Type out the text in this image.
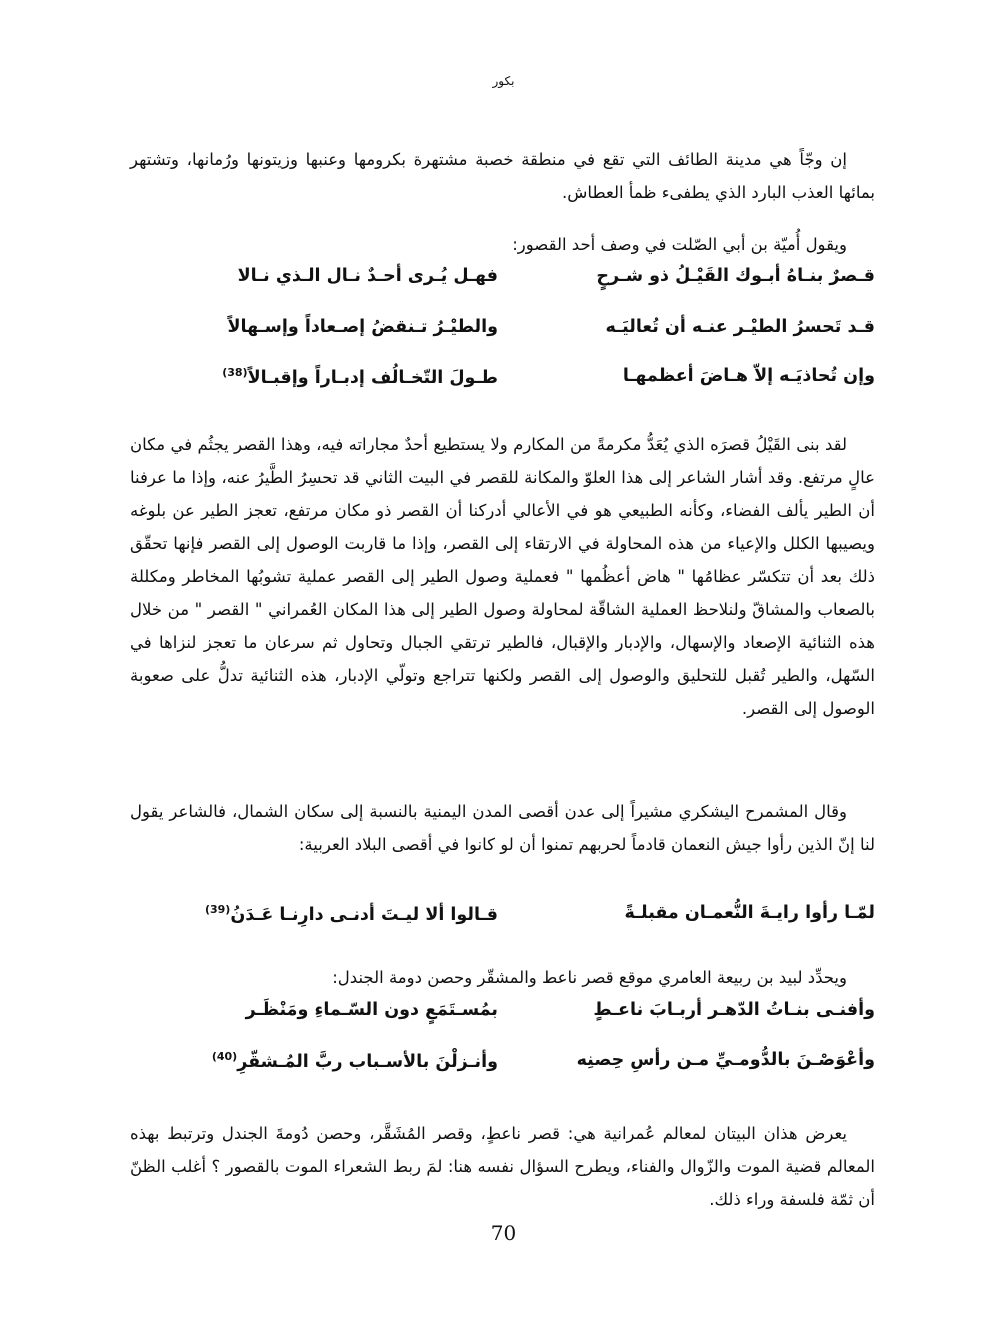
بكور
إن وجّاً هي مدينة الطائف التي تقع في منطقة خصبة مشتهرة بكرومها وعنبها وزيتونها ورُمانها، وتشتهر بمائها العذب البارد الذي يطفىء ظمأ العطاش.
ويقول أُميّة بن أبي الصّلت في وصف أحد القصور:
قـصرٌ بنـاهُ أبـوك القَيْـلُ ذو شـرحٍ
فهـل يُـرى أحـدٌ نـال الـذي نـالا
قـد تَحسرُ الطيْـر عنـه أن تُعاليَـه
والطيْـرُ تـنقضُ إصـعاداً وإسـهالاً
وإن تُحاذيَـه إلاّ هـاضَ أعظمهـا
طـولَ التّخـالُف إدبـاراً وإقبـالاً$^{(38)}$
لقد بنى القَيْلُ قصرَه الذي يُعَدُّ مكرمةً من المكارم ولا يستطيع أحدٌ مجاراته فيه، وهذا القصر يجثُم في مكان عالٍ مرتفع. وقد أشار الشاعر إلى هذا العلوّ والمكانة للقصر في البيت الثاني قد تحسِرُ الطَّيرُ عنه، وإذا ما عرفنا أن الطير يألف الفضاء، وكأنه الطبيعي هو في الأعالي أدركنا أن القصر ذو مكان مرتفع، تعجز الطير عن بلوغه ويصيبها الكلل والإعياء من هذه المحاولة في الارتقاء إلى القصر، وإذا ما قاربت الوصول إلى القصر فإنها تحقّق ذلك بعد أن تتكسّر عظامُها " هاض أعظُمها " فعملية وصول الطير إلى القصر عملية تشوبُها المخاطر ومكللة بالصعاب والمشاقّ ولنلاحظ العملية الشاقّة لمحاولة وصول الطير إلى هذا المكان العُمراني " القصر " من خلال هذه الثنائية الإصعاد والإسهال، والإدبار والإقبال، فالطير ترتقي الجبال وتحاول ثم سرعان ما تعجز لنزاها في السّهل، والطير تُقبل للتحليق والوصول إلى القصر ولكنها تتراجع وتولّي الإدبار، هذه الثنائية تدلُّ على صعوبة الوصول إلى القصر.
وقال المشمرح اليشكري مشيراً إلى عدن أقصى المدن اليمنية بالنسبة إلى سكان الشمال، فالشاعر يقول لنا إنّ الذين رأوا جيش النعمان قادماً لحربهم تمنوا أن لو كانوا في أقصى البلاد العربية:
لمّـا رأوا رايـةَ النُّعمـان مقبلـةً
قـالوا ألا ليـتَ أدنـى دارِنـا عَـدَنُ$^{(39)}$
ويحدِّد لبيد بن ربيعة العامري موقع قصر ناعط والمشقّر وحصن دومة الجندل:
وأفنـى بنـاتُ الدّهـر أربـابَ ناعـطٍ
بمُسـتَمَعٍ دون السّـماءِ ومَنْظَـر
وأعْوَصْـنَ بالدُّومـيِّ مـن رأسِ حِصنِه
وأنـزلْنَ بالأسـباب ربَّ المُـشقّرِ$^{(40)}$
يعرض هذان البيتان لمعالم عُمرانية هي: قصر ناعطٍ، وقصر المُشَقَّر، وحصن دُومةَ الجندل وترتبط بهذه المعالم قضية الموت والزّوال والفناء، ويطرح السؤال نفسه هنا: لمَ ربط الشعراء الموت بالقصور ؟ أغلب الظنّ أن ثمّة فلسفة وراء ذلك.
70
